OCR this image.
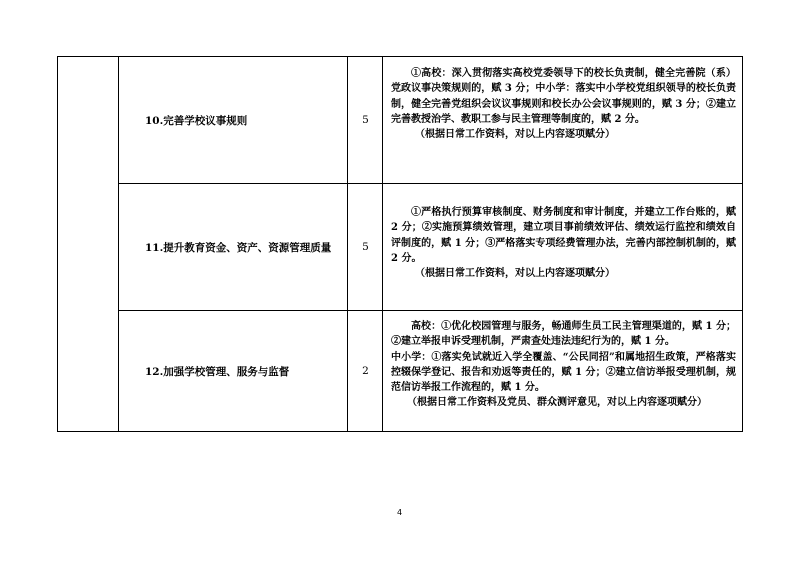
10.完善学校议事规则	5

①高校：深入贯彻落实高校党委领导下的校长负责制，健全完善院（系）党政议事决策规则的，赋 3 分；中小学：落实中小学校党组织领导的校长负责制，健全完善党组织会议议事规则和校长办公会议事规则的，赋 3 分；②建立完善教授治学、教职工参与民主管理等制度的，赋 2 分。

（根据日常工作资料，对以上内容逐项赋分）

11.提升教育资金、资产、资源管理质量	5

①严格执行预算审核制度、财务制度和审计制度，并建立工作台账的，赋 2 分；②实施预算绩效管理，建立项目事前绩效评估、绩效运行监控和绩效自评制度的，赋 1 分；③严格落实专项经费管理办法，完善内部控制机制的，赋 2 分。

（根据日常工作资料，对以上内容逐项赋分）

12.加强学校管理、服务与监督	2

高校：①优化校园管理与服务，畅通师生员工民主管理渠道的，赋 1 分；②建立举报申诉受理机制，严肃查处违法违纪行为的，赋 1 分。

中小学：①落实免试就近入学全覆盖、“公民同招”和属地招生政策，严格落实控辍保学登记、报告和劝返等责任的，赋 1 分；②建立信访举报受理机制，规范信访举报工作流程的，赋 1 分。

（根据日常工作资料及党员、群众测评意见，对以上内容逐项赋分）

4
